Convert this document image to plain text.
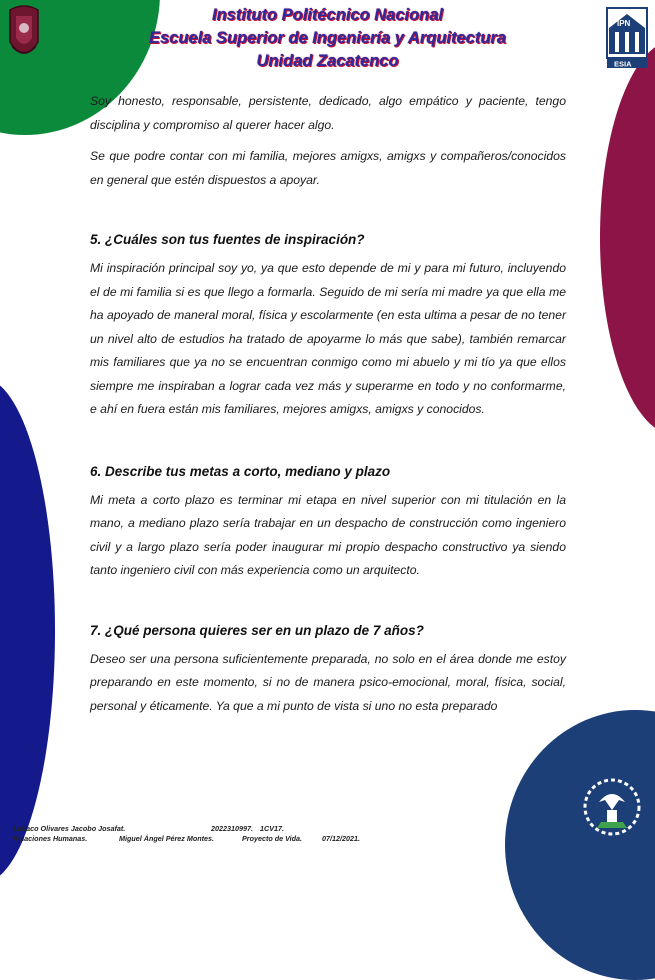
IPN
ESIA
Instituto Politécnico Nacional
Escuela Superior de Ingeniería y Arquitectura
Unidad Zacatenco

Soy honesto, responsable, persistente, dedicado, algo empático y paciente, tengo disciplina y compromiso al querer hacer algo.

Se que podre contar con mi familia, mejores amigxs, amigxs y compañeros/conocidos en general que estén dispuestos a apoyar.

5. ¿Cuáles son tus fuentes de inspiración?

Mi inspiración principal soy yo, ya que esto depende de mi y para mi futuro, incluyendo el de mi familia si es que llego a formarla. Seguido de mi sería mi madre ya que ella me ha apoyado de maneral moral, física y escolarmente (en esta ultima a pesar de no tener un nivel alto de estudios ha tratado de apoyarme lo más que sabe), también remarcar mis familiares que ya no se encuentran conmigo como mi abuelo y mi tío ya que ellos siempre me inspiraban a lograr cada vez más y superarme en todo y no conformarme, e ahí en fuera están mis familiares, mejores amigxs, amigxs y conocidos.

6. Describe tus metas a corto, mediano y plazo

Mi meta a corto plazo es terminar mi etapa en nivel superior con mi titulación en la mano, a mediano plazo sería trabajar en un despacho de construcción como ingeniero civil y a largo plazo sería poder inaugurar mi propio despacho constructivo ya siendo tanto ingeniero civil con más experiencia como un arquitecto.

7. ¿Qué persona quieres ser en un plazo de 7 años?

Deseo ser una persona suficientemente preparada, no solo en el área donde me estoy preparando en este momento, si no de manera psico-emocional, moral, física, social, personal y éticamente. Ya que a mi punto de vista si uno no esta preparado

Lobaco Olivares Jacobo Josafat.	2022310997. 1CV17.
Relaciones Humanas.	Miguel Ángel Pérez Montes.	Proyecto de Vida.	07/12/2021.
